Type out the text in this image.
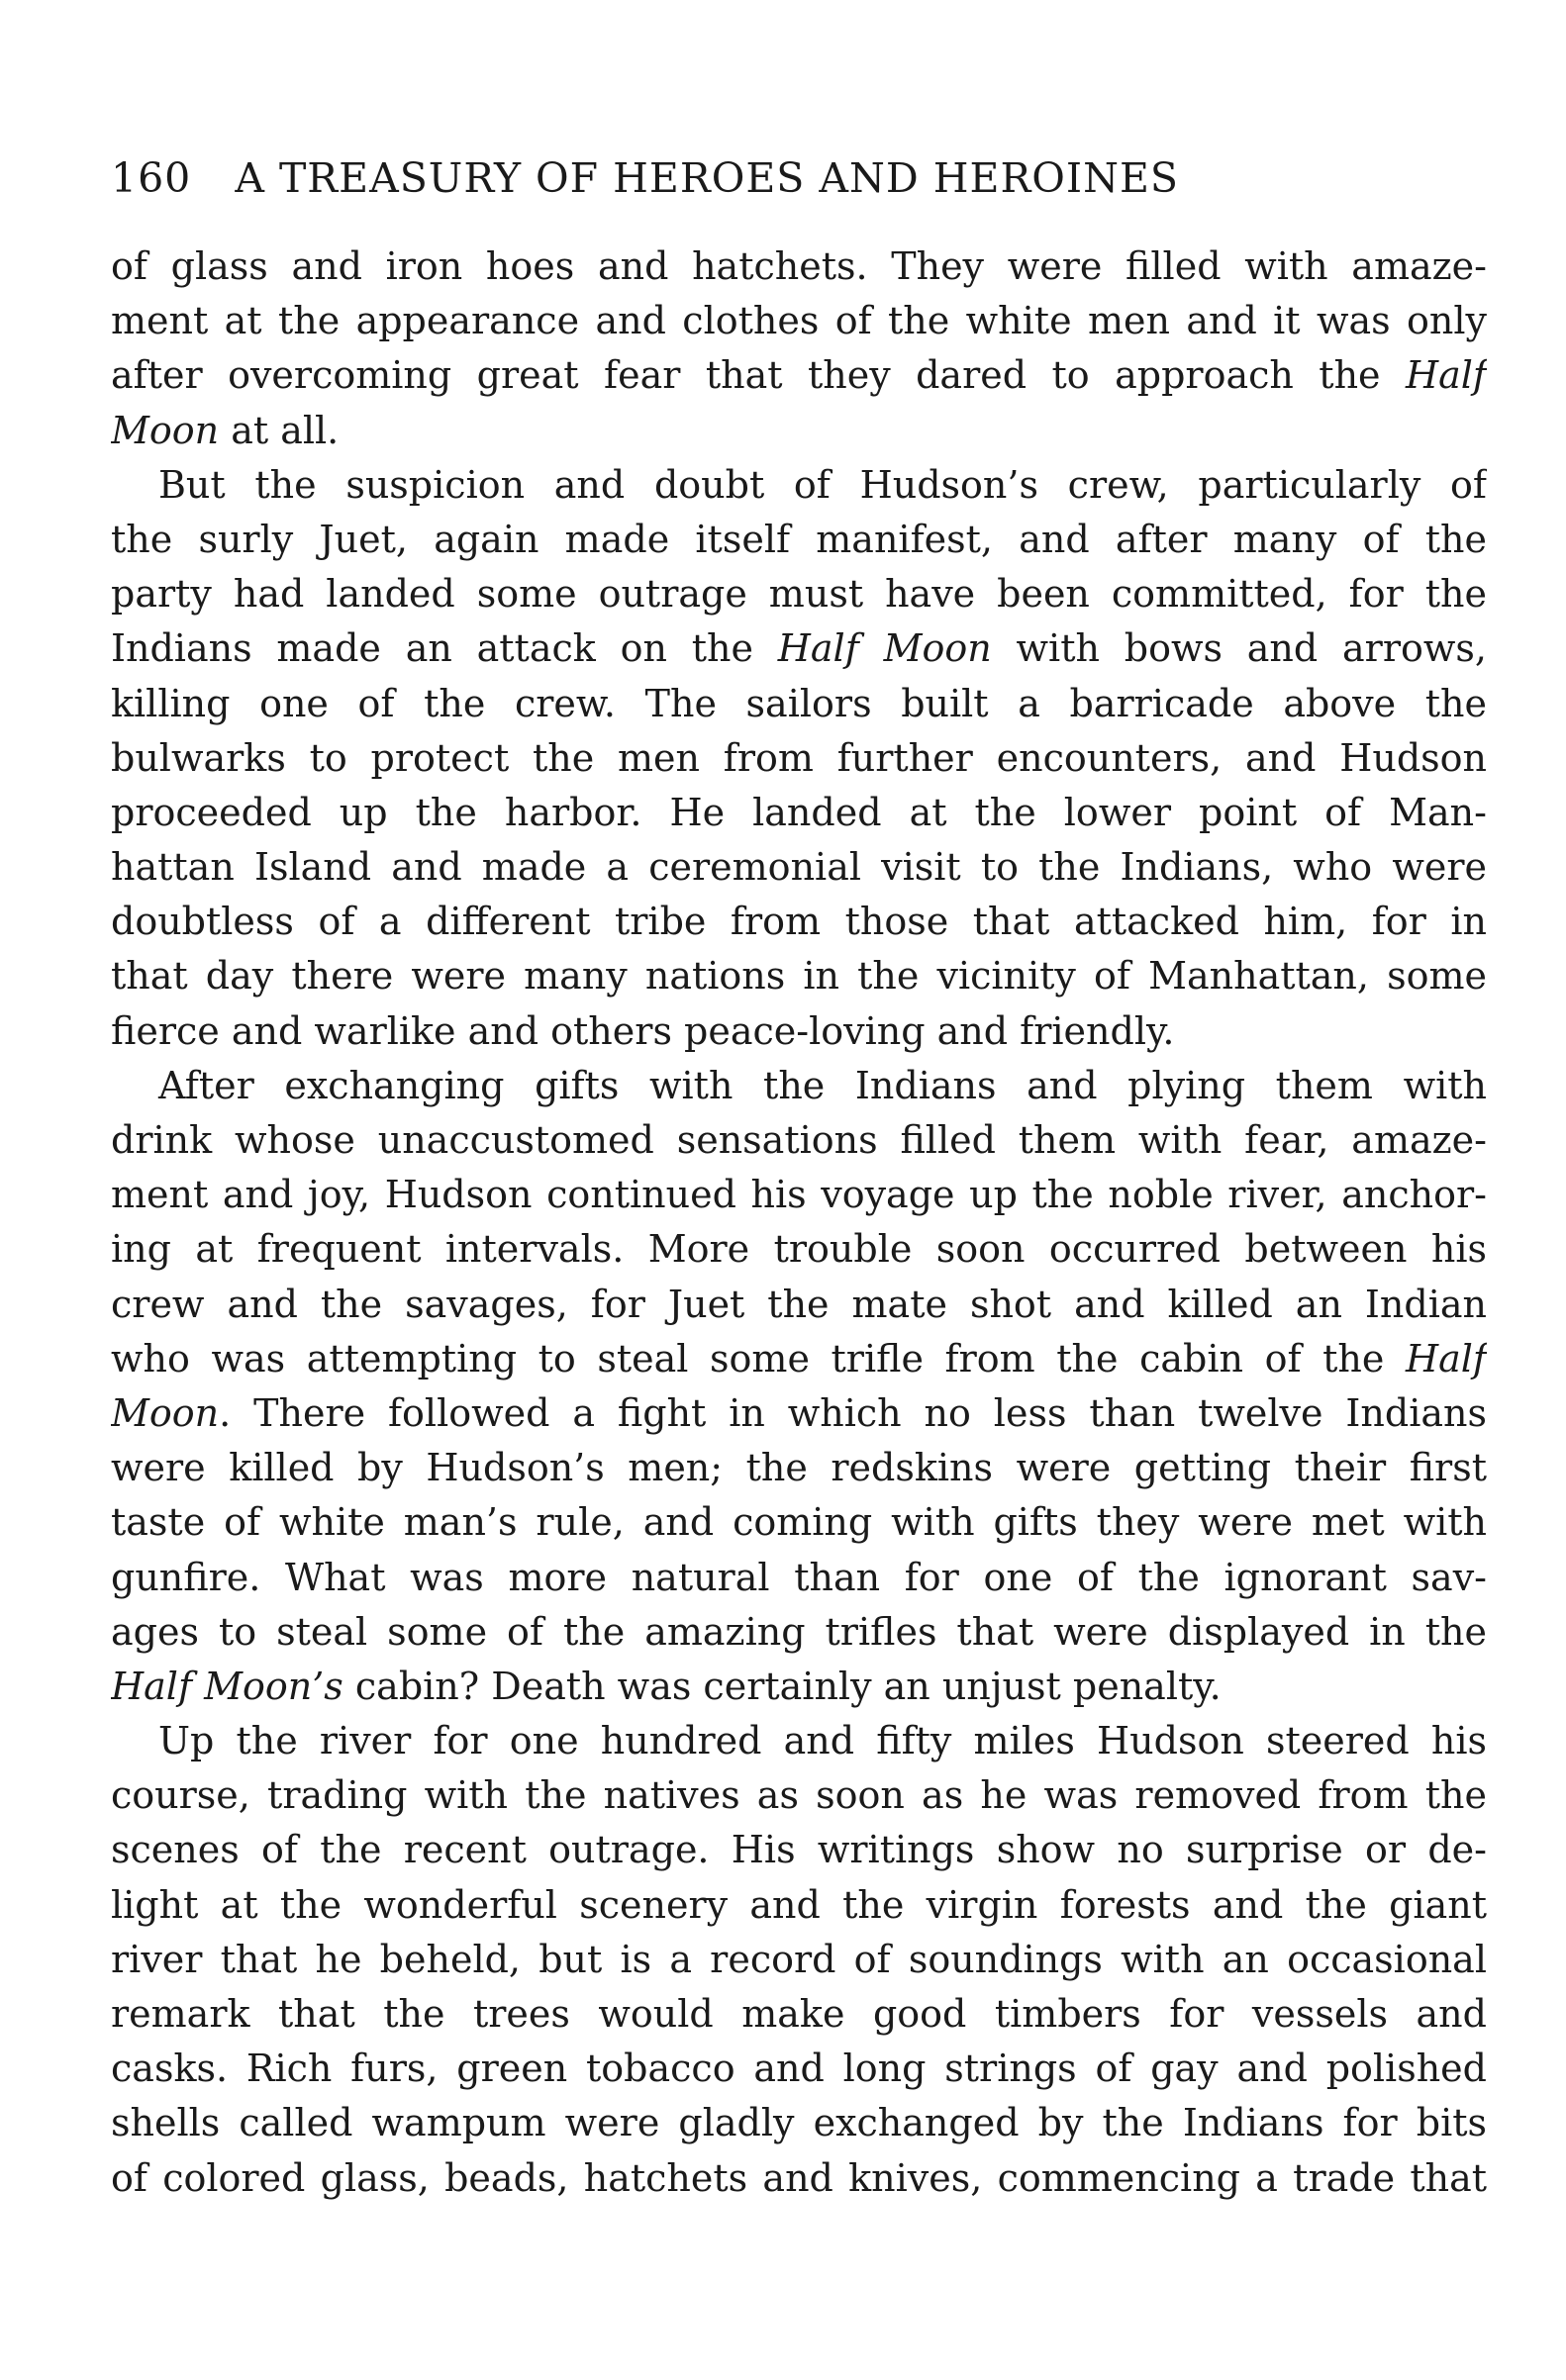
160 A TREASURY OF HEROES AND HEROINES
of glass and iron hoes and hatchets. They were filled with amaze-
ment at the appearance and clothes of the white men and it was only
after overcoming great fear that they dared to approach the Half
Moon at all.
But the suspicion and doubt of Hudson’s crew, particularly of
the surly Juet, again made itself manifest, and after many of the
party had landed some outrage must have been committed, for the
Indians made an attack on the Half Moon with bows and arrows,
killing one of the crew. The sailors built a barricade above the
bulwarks to protect the men from further encounters, and Hudson
proceeded up the harbor. He landed at the lower point of Man-
hattan Island and made a ceremonial visit to the Indians, who were
doubtless of a different tribe from those that attacked him, for in
that day there were many nations in the vicinity of Manhattan, some
fierce and warlike and others peace-loving and friendly.
After exchanging gifts with the Indians and plying them with
drink whose unaccustomed sensations filled them with fear, amaze-
ment and joy, Hudson continued his voyage up the noble river, anchor-
ing at frequent intervals. More trouble soon occurred between his
crew and the savages, for Juet the mate shot and killed an Indian
who was attempting to steal some trifle from the cabin of the Half
Moon. There followed a fight in which no less than twelve Indians
were killed by Hudson’s men; the redskins were getting their first
taste of white man’s rule, and coming with gifts they were met with
gunfire. What was more natural than for one of the ignorant sav-
ages to steal some of the amazing trifles that were displayed in the
Half Moon’s cabin? Death was certainly an unjust penalty.
Up the river for one hundred and fifty miles Hudson steered his
course, trading with the natives as soon as he was removed from the
scenes of the recent outrage. His writings show no surprise or de-
light at the wonderful scenery and the virgin forests and the giant
river that he beheld, but is a record of soundings with an occasional
remark that the trees would make good timbers for vessels and
casks. Rich furs, green tobacco and long strings of gay and polished
shells called wampum were gladly exchanged by the Indians for bits
of colored glass, beads, hatchets and knives, commencing a trade that
